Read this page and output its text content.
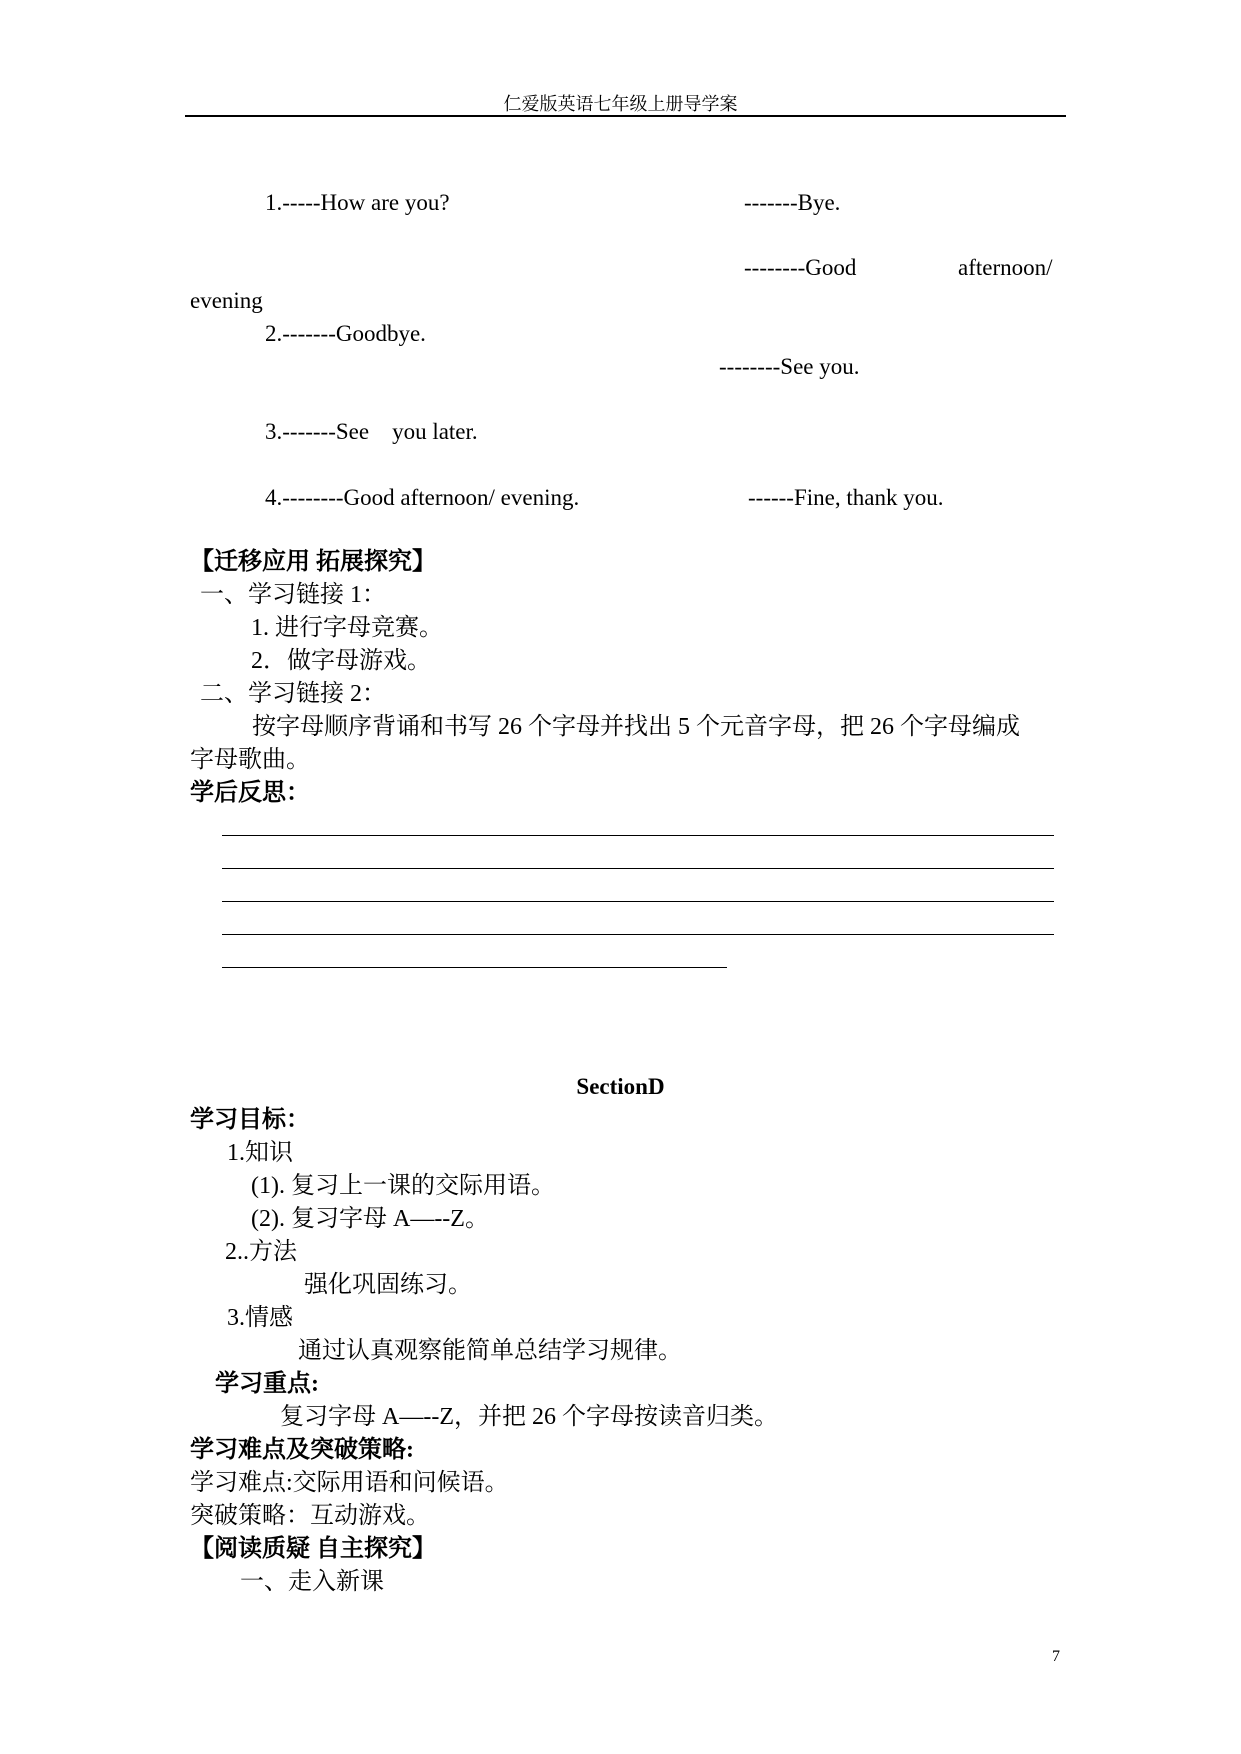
仁爱版英语七年级上册导学案
1.-----How are you?	-------Bye.
--------Good	afternoon/
evening
2.-------Goodbye.
--------See you.
3.-------See    you later.
4.--------Good afternoon/ evening.	------Fine, thank you.
【迁移应用 拓展探究】
一、学习链接 1：
1. 进行字母竞赛。
2．做字母游戏。
二、学习链接 2：
按字母顺序背诵和书写 26 个字母并找出 5 个元音字母，把 26 个字母编成
字母歌曲。
学后反思：
SectionD
学习目标：
1.知识
(1). 复习上一课的交际用语。
(2). 复习字母 A—--Z。
2..方法
强化巩固练习。
3.情感
通过认真观察能简单总结学习规律。
学习重点:
复习字母 A—--Z，并把 26 个字母按读音归类。
学习难点及突破策略:
学习难点:交际用语和问候语。
突破策略：互动游戏。
【阅读质疑 自主探究】
一、走入新课
7
